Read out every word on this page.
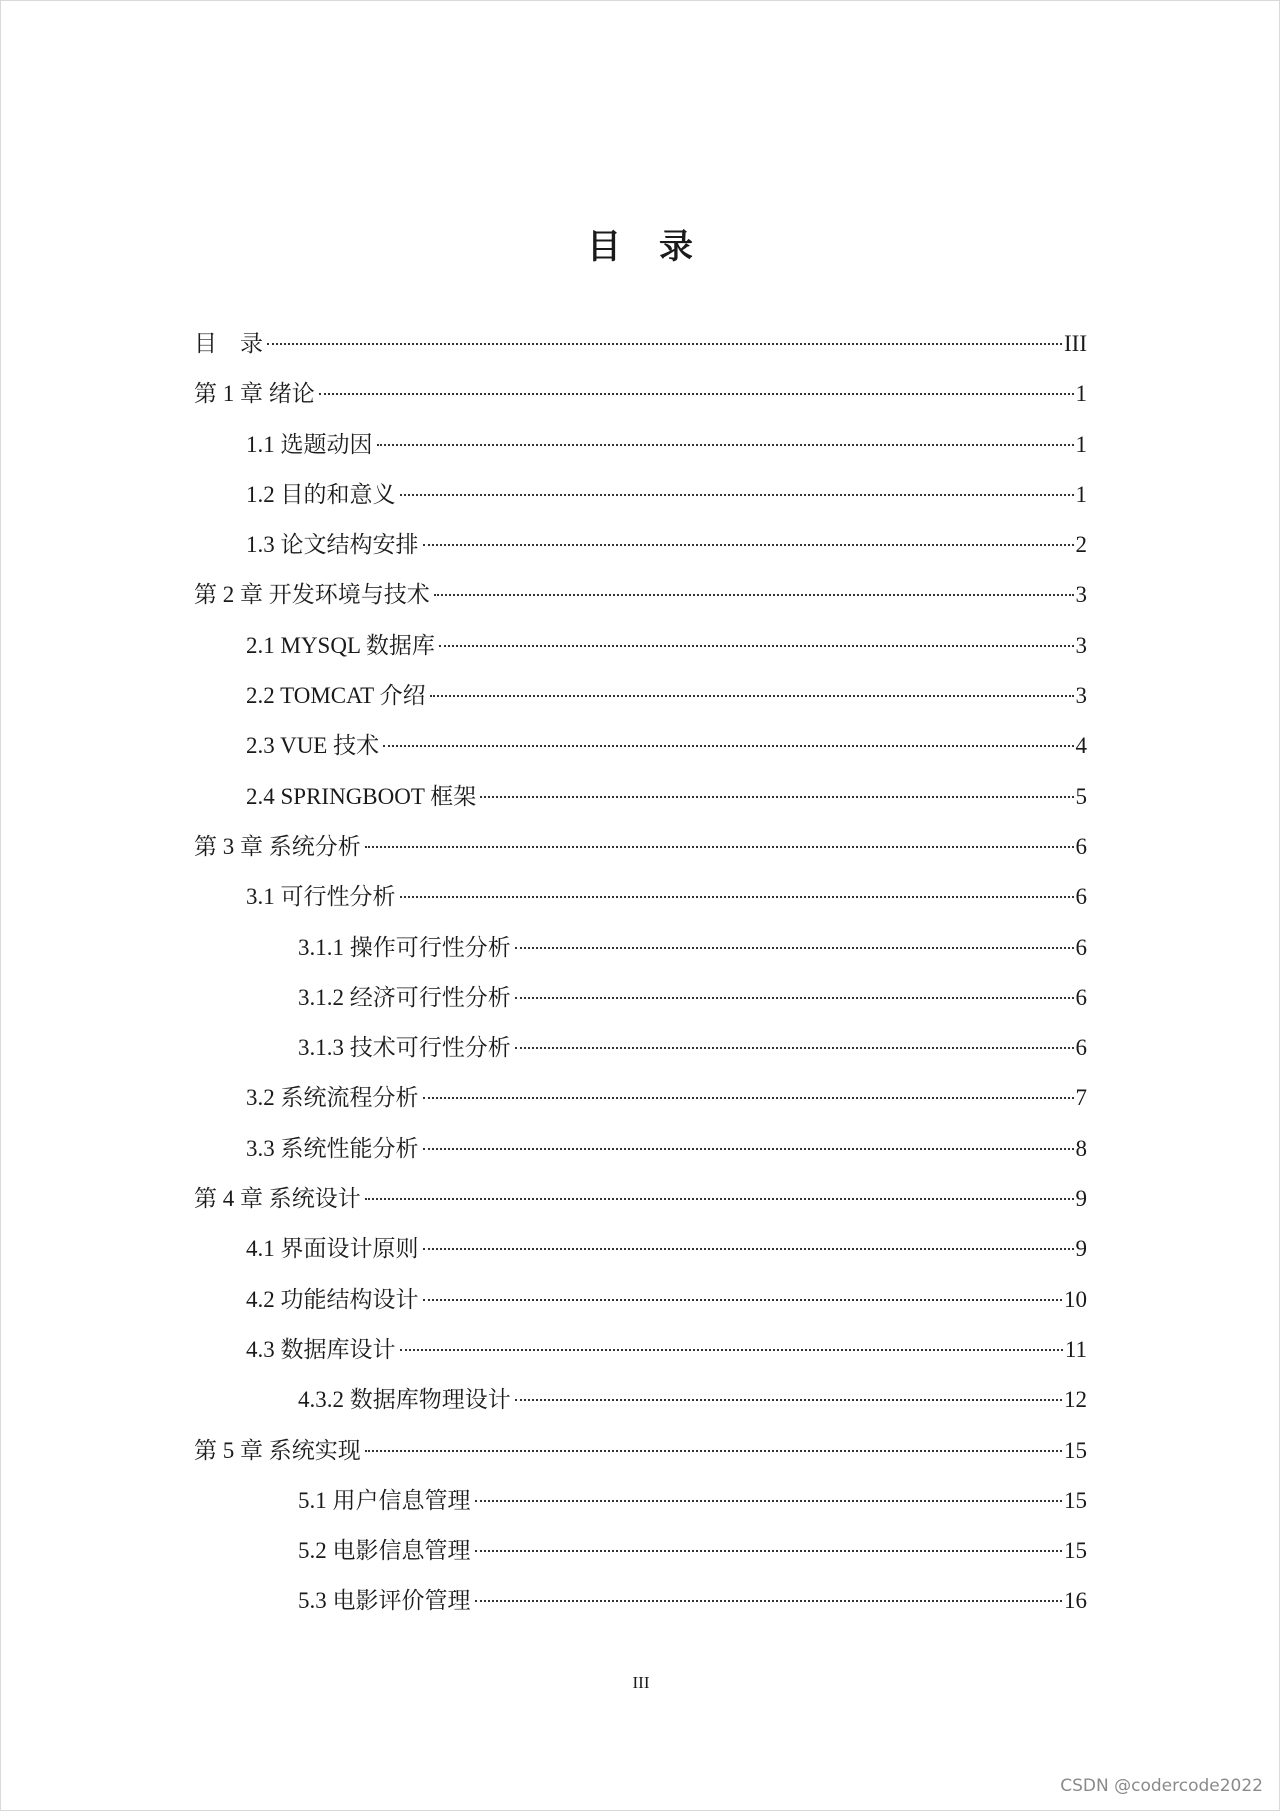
目　录
目　录	III
第 1 章 绪论	1
1.1 选题动因	1
1.2 目的和意义	1
1.3 论文结构安排	2
第 2 章 开发环境与技术	3
2.1 MYSQL 数据库	3
2.2 TOMCAT 介绍	3
2.3 VUE 技术	4
2.4 SPRINGBOOT 框架	5
第 3 章 系统分析	6
3.1 可行性分析	6
3.1.1 操作可行性分析	6
3.1.2 经济可行性分析	6
3.1.3 技术可行性分析	6
3.2 系统流程分析	7
3.3 系统性能分析	8
第 4 章 系统设计	9
4.1 界面设计原则	9
4.2 功能结构设计	10
4.3 数据库设计	11
4.3.2 数据库物理设计	12
第 5 章 系统实现	15
5.1 用户信息管理	15
5.2 电影信息管理	15
5.3 电影评价管理	16
III
CSDN @codercode2022
